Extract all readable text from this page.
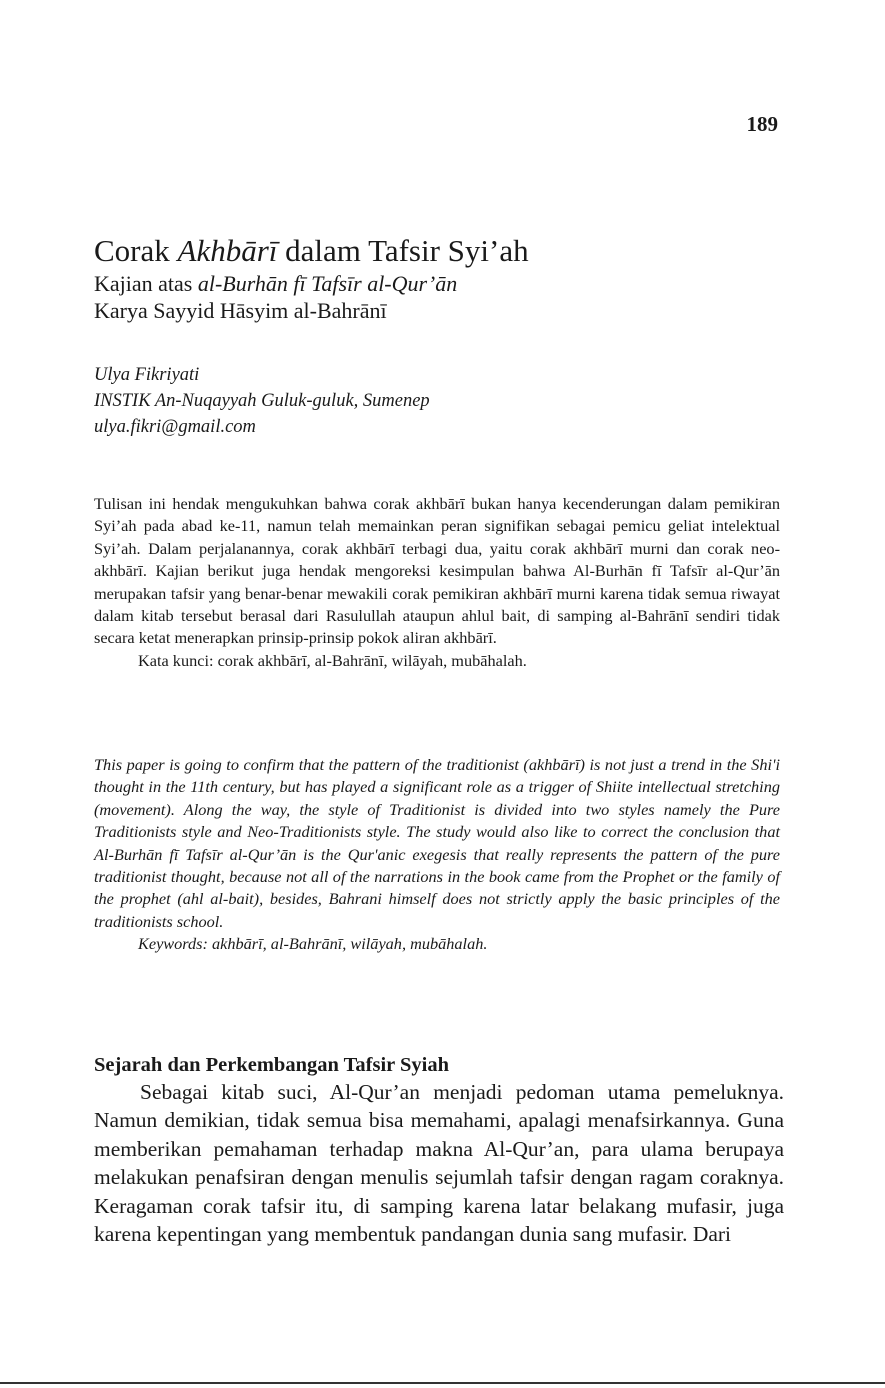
189
Corak Akhbārī dalam Tafsir Syi’ah
Kajian atas al-Burhān fī Tafsīr al-Qur’ān
Karya Sayyid Hāsyim al-Bahrānī
Ulya Fikriyati
INSTIK An-Nuqayyah Guluk-guluk, Sumenep
ulya.fikri@gmail.com

Tulisan ini hendak mengukuhkan bahwa corak akhbārī bukan hanya kecenderungan dalam pemikiran Syi’ah pada abad ke-11, namun telah memainkan peran signifikan sebagai pemicu geliat intelektual Syi’ah. Dalam perjalanannya, corak akhbārī terbagi dua, yaitu corak akhbārī murni dan corak neo-akhbārī. Kajian berikut juga hendak mengoreksi kesimpulan bahwa Al-Burhān fī Tafsīr al-Qur’ān merupakan tafsir yang benar-benar mewakili corak pemikiran akhbārī murni karena tidak semua riwayat dalam kitab tersebut berasal dari Rasulullah ataupun ahlul bait, di samping al-Bahrānī sendiri tidak secara ketat menerapkan prinsip-prinsip pokok aliran akhbārī.

Kata kunci: corak akhbārī, al-Bahrānī, wilāyah, mubāhalah.

This paper is going to confirm that the pattern of the traditionist (akhbārī) is not just a trend in the Shi'i thought in the 11th century, but has played a significant role as a trigger of Shiite intellectual stretching (movement). Along the way, the style of Traditionist is divided into two styles namely the Pure Traditionists style and Neo-Traditionists style. The study would also like to correct the conclusion that Al-Burhān fī Tafsīr al-Qur’ān is the Qur'anic exegesis that really represents the pattern of the pure traditionist thought, because not all of the narrations in the book came from the Prophet or the family of the prophet (ahl al-bait), besides, Bahrani himself does not strictly apply the basic principles of the traditionists school.

Keywords: akhbārī, al-Bahrānī, wilāyah, mubāhalah.

Sejarah dan Perkembangan Tafsir Syiah

Sebagai kitab suci, Al-Qur’an menjadi pedoman utama pemeluknya. Namun demikian, tidak semua bisa memahami, apalagi menafsirkannya. Guna memberikan pemahaman terhadap makna Al-Qur’an, para ulama berupaya melakukan penafsiran dengan menulis sejumlah tafsir dengan ragam coraknya. Keragaman corak tafsir itu, di samping karena latar belakang mufasir, juga karena kepentingan yang membentuk pandangan dunia sang mufasir. Dari
